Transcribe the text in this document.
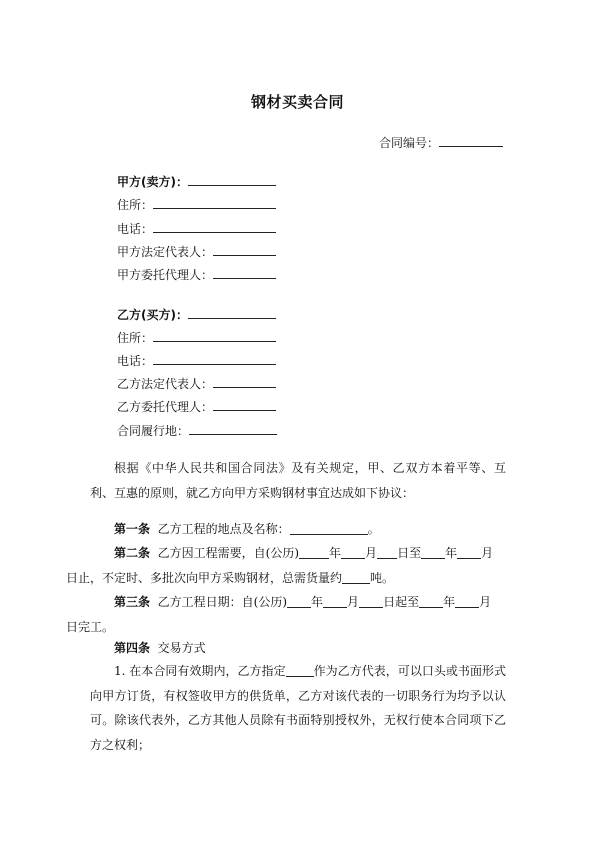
钢材买卖合同
合同编号：
甲方(卖方)：
住所：
电话：
甲方法定代表人：
甲方委托代理人：
乙方(买方)：
住所：
电话：
乙方法定代表人：
乙方委托代理人：
合同履行地：
根据《中华人民共和国合同法》及有关规定，甲、乙双方本着平等、互利、互惠的原则，就乙方向甲方采购钢材事宜达成如下协议：
第一条 乙方工程的地点及名称：	。
第二条 乙方因工程需要，自(公历)	年 月 日至 年 月
日止，不定时、多批次向甲方采购钢材，总需货量约 吨。
第三条 乙方工程日期：自(公历) 年 月 日起至 年 月
日完工。
第四条 交易方式
1. 在本合同有效期内，乙方指定 作为乙方代表，可以口头或书面形式向甲方订货，有权签收甲方的供货单，乙方对该代表的一切职务行为均予以认可。除该代表外，乙方其他人员除有书面特别授权外，无权行使本合同项下乙方之权利；
